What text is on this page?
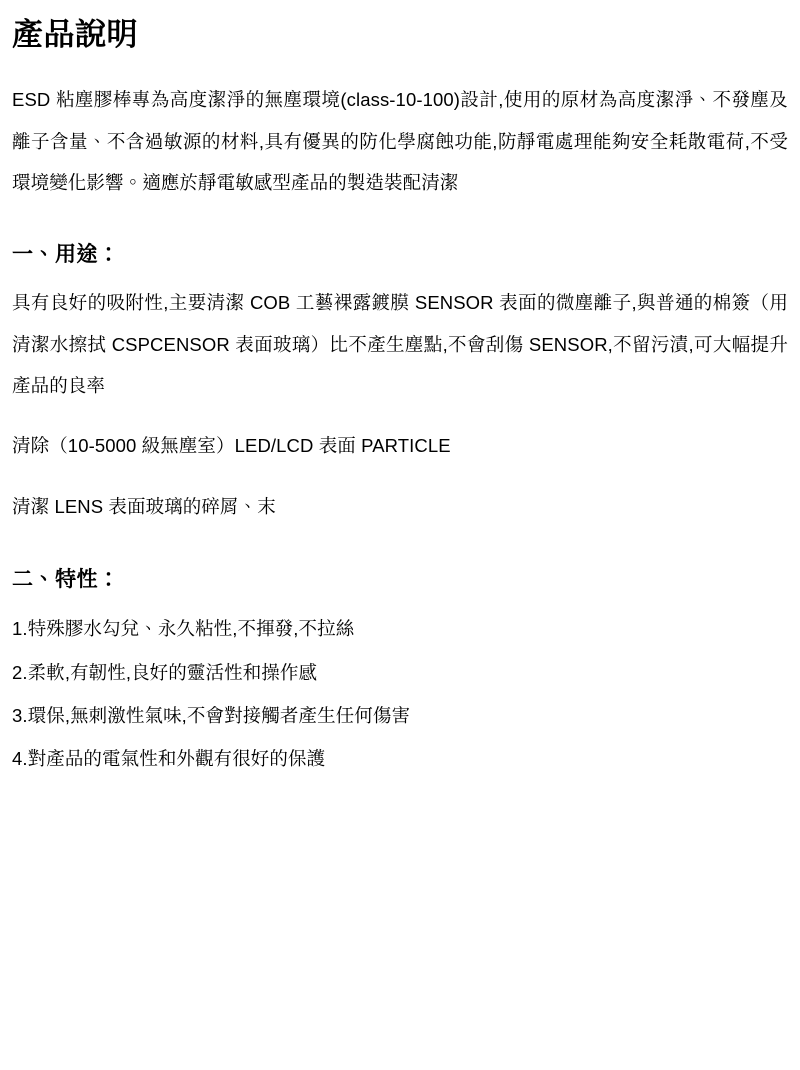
產品說明

ESD 粘塵膠棒專為高度潔淨的無塵環境(class-10-100)設計,使用的原材為高度潔淨、不發塵及離子含量、不含過敏源的材料,具有優異的防化學腐蝕功能,防靜電處理能夠安全耗散電荷,不受環境變化影響。適應於靜電敏感型產品的製造裝配清潔

一、用途：

具有良好的吸附性,主要清潔 COB 工藝裸露鍍膜 SENSOR 表面的微塵離子,與普通的棉簽（用清潔水擦拭 CSPCENSOR 表面玻璃）比不產生塵點,不會刮傷 SENSOR,不留污漬,可大幅提升產品的良率

清除（10-5000 級無塵室）LED/LCD 表面 PARTICLE

清潔 LENS 表面玻璃的碎屑、末

二、特性：
1.特殊膠水勾兌、永久粘性,不揮發,不拉絲
2.柔軟,有韌性,良好的靈活性和操作感
3.環保,無刺激性氣味,不會對接觸者產生任何傷害
4.對產品的電氣性和外觀有很好的保護
